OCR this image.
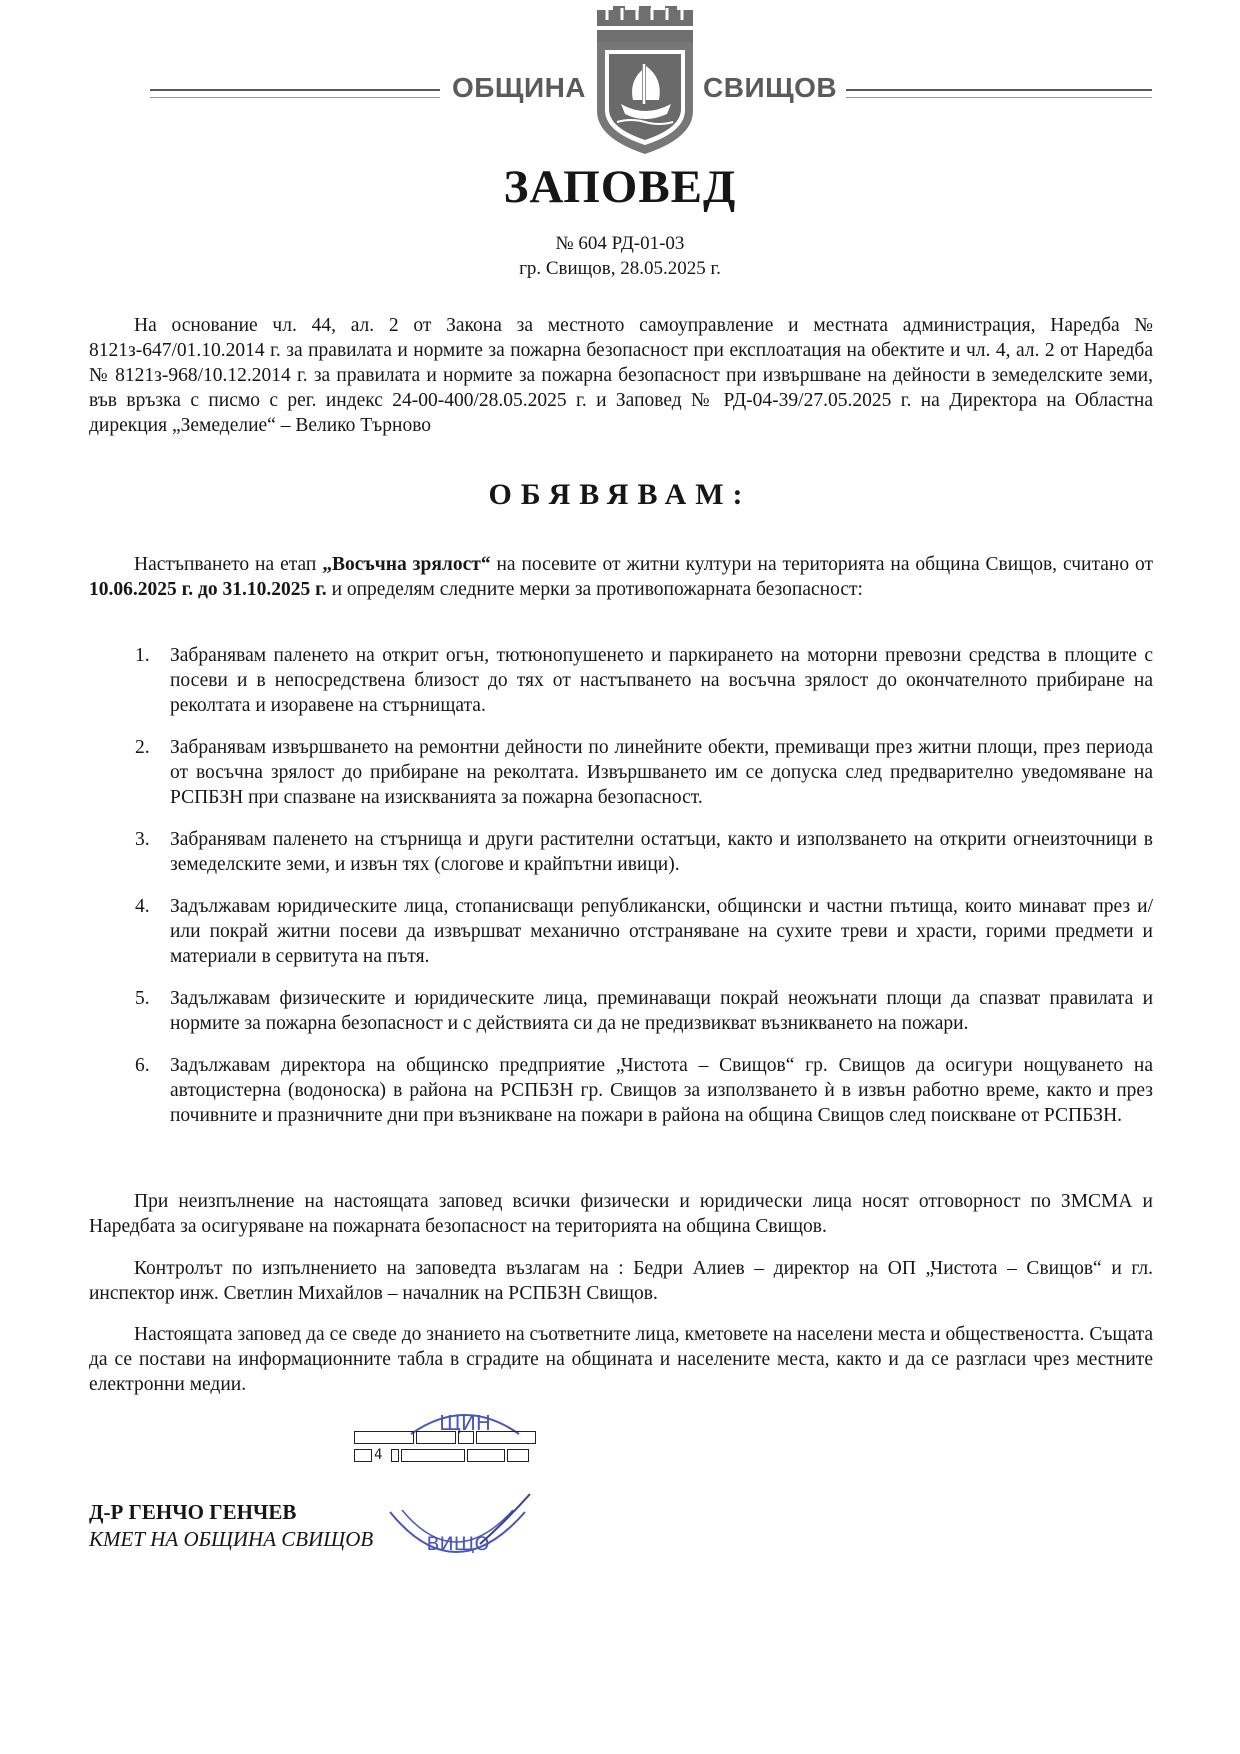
ОБЩИНА	СВИЩОВ
ЗАПОВЕД
№ 604 РД-01-03
гр. Свищов, 28.05.2025 г.

На основание чл. 44, ал. 2 от Закона за местното самоуправление и местната администрация, Наредба № 8121з-647/01.10.2014 г. за правилата и нормите за пожарна безопасност при експлоатация на обектите и чл. 4, ал. 2 от Наредба № 8121з-968/10.12.2014 г. за правилата и нормите за пожарна безопасност при извършване на дейности в земеделските земи, във връзка с писмо с рег. индекс 24-00-400/28.05.2025 г. и Заповед № РД-04-39/27.05.2025 г. на Директора на Областна дирекция „Земеделие“ – Велико Търново

ОБЯВЯВАМ:

Настъпването на етап „Восъчна зрялост“ на посевите от житни култури на територията на община Свищов, считано от 10.06.2025 г. до 31.10.2025 г. и определям следните мерки за противопожарната безопасност:

1. Забранявам паленето на открит огън, тютюнопушенето и паркирането на моторни превозни средства в площите с посеви и в непосредствена близост до тях от настъпването на восъчна зрялост до окончателното прибиране на реколтата и изоравене на стърнищата.
2. Забранявам извършването на ремонтни дейности по линейните обекти, премиващи през житни площи, през периода от восъчна зрялост до прибиране на реколтата. Извършването им се допуска след предварително уведомяване на РСПБЗН при спазване на изискванията за пожарна безопасност.
3. Забранявам паленето на стърнища и други растителни остатъци, както и използването на открити огнеизточници в земеделските земи, и извън тях (слогове и крайпътни ивици).
4. Задължавам юридическите лица, стопанисващи републикански, общински и частни пътища, които минават през и/или покрай житни посеви да извършват механично отстраняване на сухите треви и храсти, горими предмети и материали в сервитута на пътя.
5. Задължавам физическите и юридическите лица, преминаващи покрай неожънати площи да спазват правилата и нормите за пожарна безопасност и с действията си да не предизвикват възникването на пожари.
6. Задължавам директора на общинско предприятие „Чистота – Свищов“ гр. Свищов да осигури нощуването на автоцистерна (водоноска) в района на РСПБЗН гр. Свищов за използването ѝ в извън работно време, както и през почивните и празничните дни при възникване на пожари в района на община Свищов след поискване от РСПБЗН.

При неизпълнение на настоящата заповед всички физически и юридически лица носят отговорност по ЗМСМА и Наредбата за осигуряване на пожарната безопасност на територията на община Свищов.

Контролът по изпълнението на заповедта възлагам на : Бедри Алиев – директор на ОП „Чистота – Свищов“ и гл. инспектор инж. Светлин Михайлов – началник на РСПБЗН Свищов.

Настоящата заповед да се сведе до знанието на съответните лица, кметовете на населени места и обществеността. Същата да се постави на информационните табла в сградите на общината и населените места, както и да се разгласи чрез местните електронни медии.

ЩИН
4
ВИЩО
Д-Р ГЕНЧО ГЕНЧЕВ
КМЕТ НА ОБЩИНА СВИЩОВ
